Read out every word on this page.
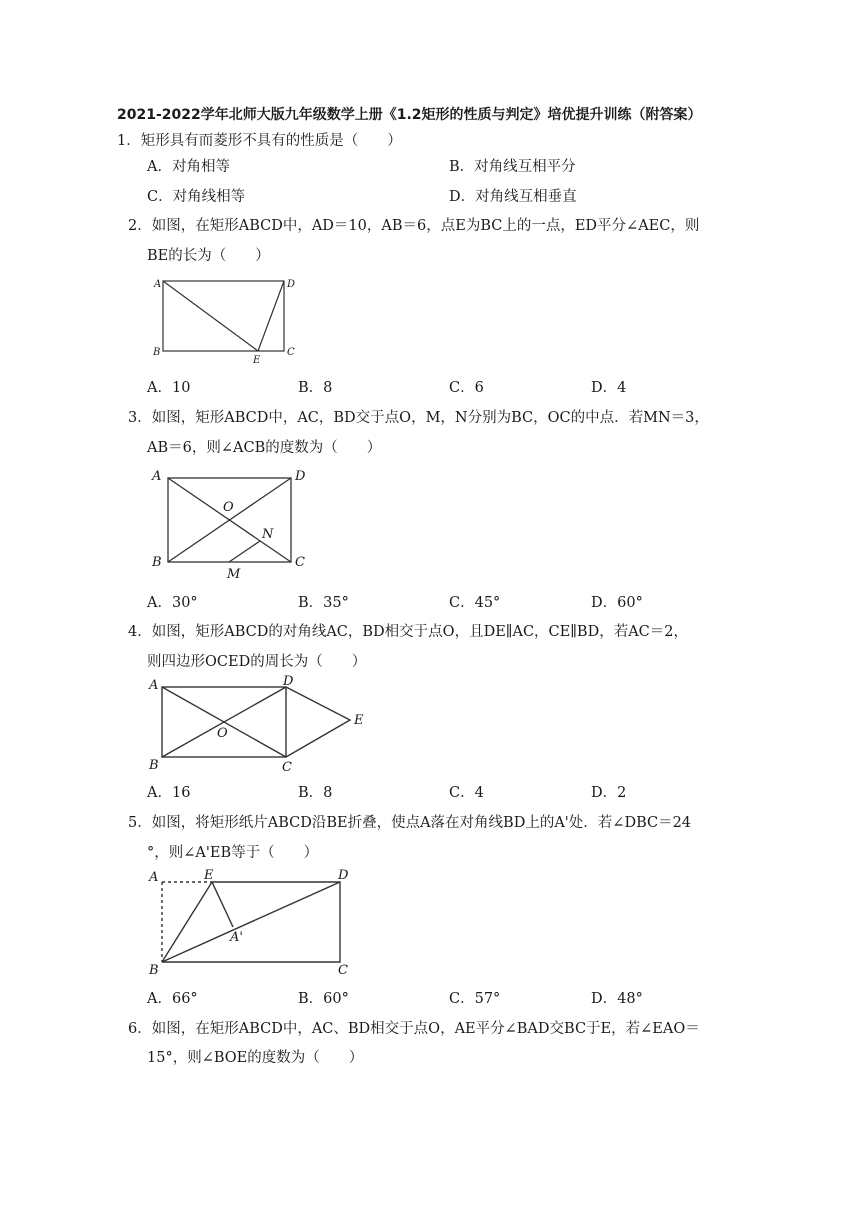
2021-2022学年北师大版九年级数学上册《1.2矩形的性质与判定》培优提升训练（附答案）
1．矩形具有而菱形不具有的性质是（　　）
A．对角相等	B．对角线互相平分
C．对角线相等	D．对角线互相垂直
2．如图，在矩形ABCD中，AD＝10，AB＝6，点E为BC上的一点，ED平分∠AEC，则
BE的长为（　　）
A	D
B
E
C
A．10	B．8	C．6	D．4
3．如图，矩形ABCD中，AC，BD交于点O，M，N分别为BC，OC的中点．若MN＝3，
AB＝6，则∠ACB的度数为（　　）
A	D
O
N
B
M
C
A．30°	B．35°	C．45°	D．60°
4．如图，矩形ABCD的对角线AC，BD相交于点O，且DE∥AC，CE∥BD，若AC＝2，
则四边形OCED的周长为（　　）
A	D
E
O
B	C
A．16	B．8	C．4	D．2
5．如图，将矩形纸片ABCD沿BE折叠，使点A落在对角线BD上的A'处．若∠DBC＝24
°，则∠A'EB等于（　　）
A	E	D
A'
B	C
A．66°	B．60°	C．57°	D．48°
6．如图，在矩形ABCD中，AC、BD相交于点O，AE平分∠BAD交BC于E，若∠EAO＝
15°，则∠BOE的度数为（　　）
